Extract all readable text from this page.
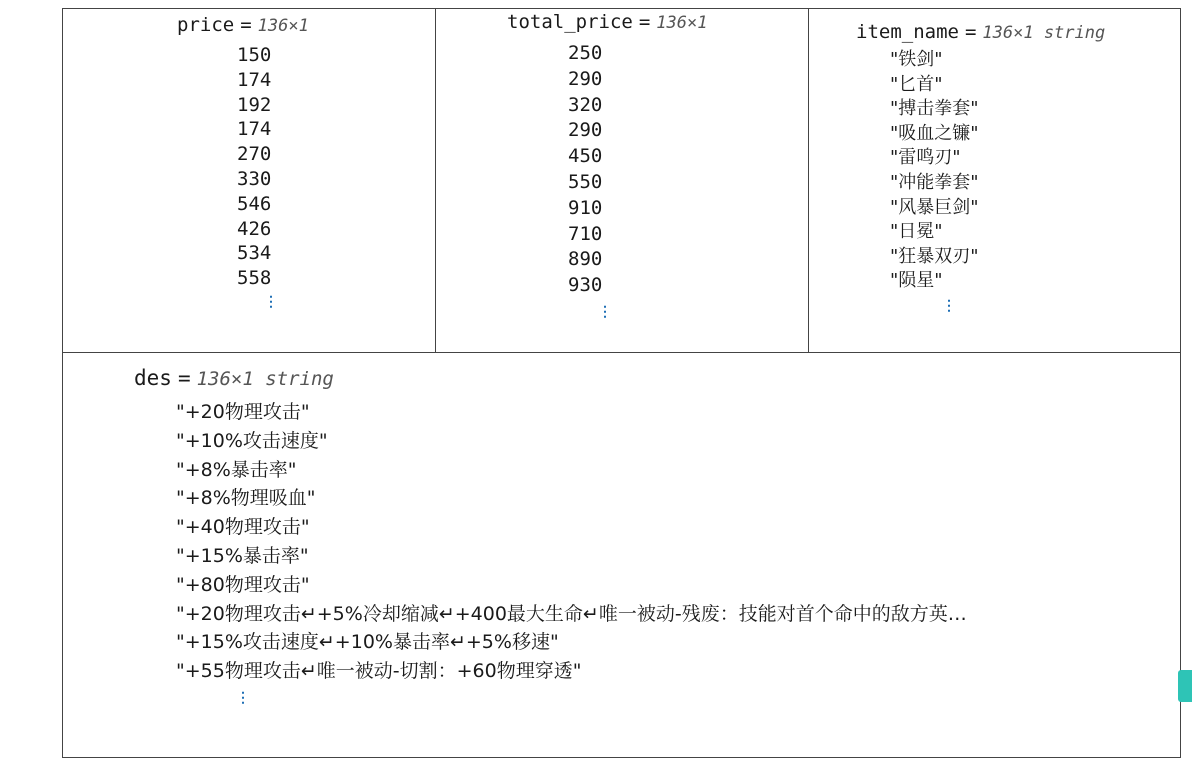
price = 136×1
150
174
192
174
270
330
546
426
534
558
⋮
total_price = 136×1
250
290
320
290
450
550
910
710
890
930
⋮
item_name = 136×1 string
"铁剑"
"匕首"
"搏击拳套"
"吸血之镰"
"雷鸣刃"
"冲能拳套"
"风暴巨剑"
"日冕"
"狂暴双刃"
"陨星"
⋮
des = 136×1 string
"+20物理攻击"
"+10%攻击速度"
"+8%暴击率"
"+8%物理吸血"
"+40物理攻击"
"+15%暴击率"
"+80物理攻击"
"+20物理攻击↵+5%冷却缩减↵+400最大生命↵唯一被动-残废：技能对首个命中的敌方英…
"+15%攻击速度↵+10%暴击率↵+5%移速"
"+55物理攻击↵唯一被动-切割：+60物理穿透"
⋮
